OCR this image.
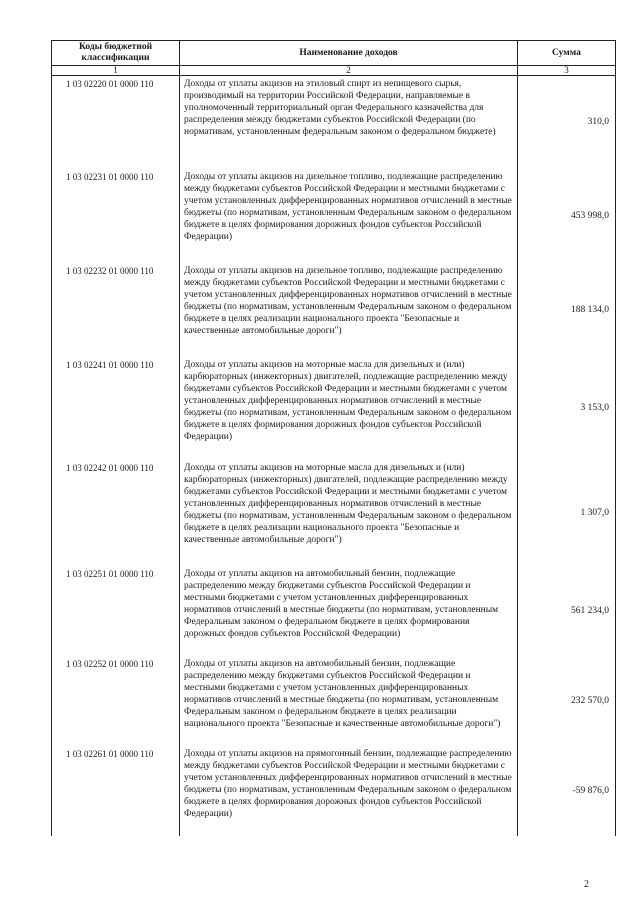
Коды бюджетной классификации	Наименование доходов	Сумма
1	2	3
1 03 02220 01 0000 110	Доходы от уплаты акцизов на этиловый спирт из непищевого сырья, производимый на территории Российской Федерации, направляемые в уполномоченный территориальный орган Федерального казначейства для распределения между бюджетами субъектов Российской Федерации (по нормативам, установленным федеральным законом о федеральном бюджете)	310,0
1 03 02231 01 0000 110	Доходы от уплаты акцизов на дизельное топливо, подлежащие распределению между бюджетами субъектов Российской Федерации и местными бюджетами с учетом установленных дифференцированных нормативов отчислений в местные бюджеты (по нормативам, установленным Федеральным законом о федеральном бюджете в целях формирования дорожных фондов субъектов Российской Федерации)	453 998,0
1 03 02232 01 0000 110	Доходы от уплаты акцизов на дизельное топливо, подлежащие распределению между бюджетами субъектов Российской Федерации и местными бюджетами с учетом установленных дифференцированных нормативов отчислений в местные бюджеты (по нормативам, установленным Федеральным законом о федеральном бюджете в целях реализации национального проекта "Безопасные и качественные автомобильные дороги")	188 134,0
1 03 02241 01 0000 110	Доходы от уплаты акцизов на моторные масла для дизельных и (или) карбюраторных (инжекторных) двигателей, подлежащие распределению между бюджетами субъектов Российской Федерации и местными бюджетами с учетом установленных дифференцированных нормативов отчислений в местные бюджеты (по нормативам, установленным Федеральным законом о федеральном бюджете в целях формирования дорожных фондов субъектов Российской Федерации)	3 153,0
1 03 02242 01 0000 110	Доходы от уплаты акцизов на моторные масла для дизельных и (или) карбюраторных (инжекторных) двигателей, подлежащие распределению между бюджетами субъектов Российской Федерации и местными бюджетами с учетом установленных дифференцированных нормативов отчислений в местные бюджеты (по нормативам, установленным Федеральным законом о федеральном бюджете в целях реализации национального проекта "Безопасные и качественные автомобильные дороги")	1 307,0
1 03 02251 01 0000 110	Доходы от уплаты акцизов на автомобильный бензин, подлежащие распределению между бюджетами субъектов Российской Федерации и местными бюджетами с учетом установленных дифференцированных нормативов отчислений в местные бюджеты (по нормативам, установленным Федеральным законом о федеральном бюджете в целях формирования дорожных фондов субъектов Российской Федерации)	561 234,0
1 03 02252 01 0000 110	Доходы от уплаты акцизов на автомобильный бензин, подлежащие распределению между бюджетами субъектов Российской Федерации и местными бюджетами с учетом установленных дифференцированных нормативов отчислений в местные бюджеты (по нормативам, установленным Федеральным законом о федеральном бюджете в целях реализации национального проекта "Безопасные и качественные автомобильные дороги")	232 570,0
1 03 02261 01 0000 110	Доходы от уплаты акцизов на прямогонный бензин, подлежащие распределению между бюджетами субъектов Российской Федерации и местными бюджетами с учетом установленных дифференцированных нормативов отчислений в местные бюджеты (по нормативам, установленным Федеральным законом о федеральном бюджете в целях формирования дорожных фондов субъектов Российской Федерации)	-59 876,0
2
